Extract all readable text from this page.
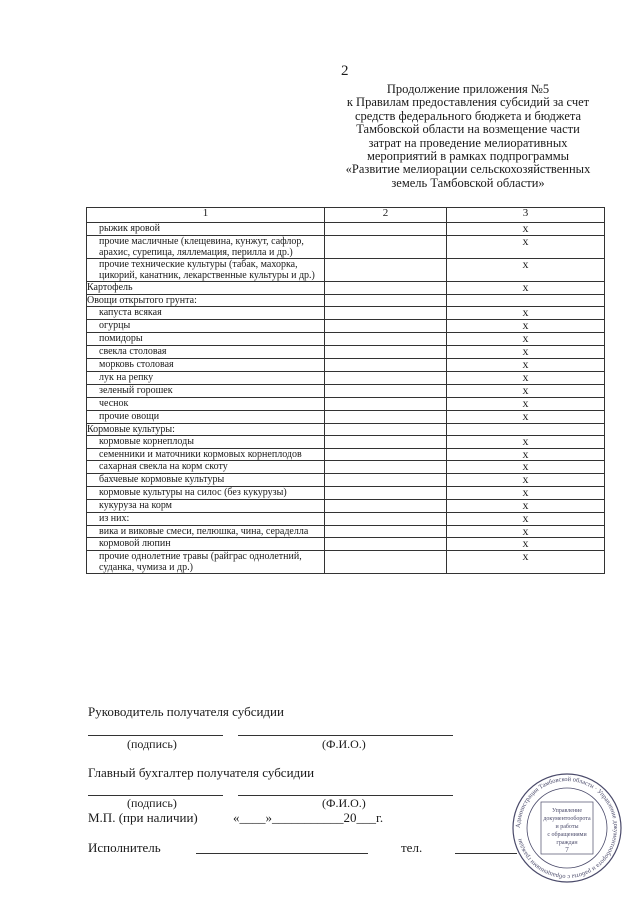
2
Продолжение приложения №5
к Правилам предоставления субсидий за счет
средств федерального бюджета и бюджета
Тамбовской области на возмещение части
затрат на проведение мелиоративных
мероприятий в рамках подпрограммы
«Развитие мелиорации сельскохозяйственных
земель Тамбовской области»
1	2	3
рыжик яровой		x
прочие масличные (клещевина, кунжут, сафлор, арахис, сурепица, ляллемация, перилла и др.)		x
прочие технические культуры (табак, махорка, цикорий, канатник, лекарственные культуры и др.)		x
Картофель		x
Овощи открытого грунта:		
капуста всякая		x
огурцы		x
помидоры		x
свекла столовая		x
морковь столовая		x
лук на репку		x
зеленый горошек		x
чеснок		x
прочие овощи		x
Кормовые культуры:		
кормовые корнеплоды		x
семенники и маточники кормовых корнеплодов		x
сахарная свекла на корм скоту		x
бахчевые кормовые культуры		x
кормовые культуры на силос (без кукурузы)		x
кукуруза на корм		x
из них:		x
вика и виковые смеси, пелюшка, чина, сераделла		x
кормовой люпин		x
прочие однолетние травы (райграс однолетний, суданка, чумиза и др.)		x
Руководитель получателя субсидии
(подпись)	(Ф.И.О.)
Главный бухгалтер получателя субсидии
(подпись)	(Ф.И.О.)
М.П. (при наличии)	«____»___________20___г.
Исполнитель	тел.
Администрация Тамбовской области · Управление документооборота и работы с обращениями граждан
Управление
документооборота
и работы
с обращениями
граждан
7
